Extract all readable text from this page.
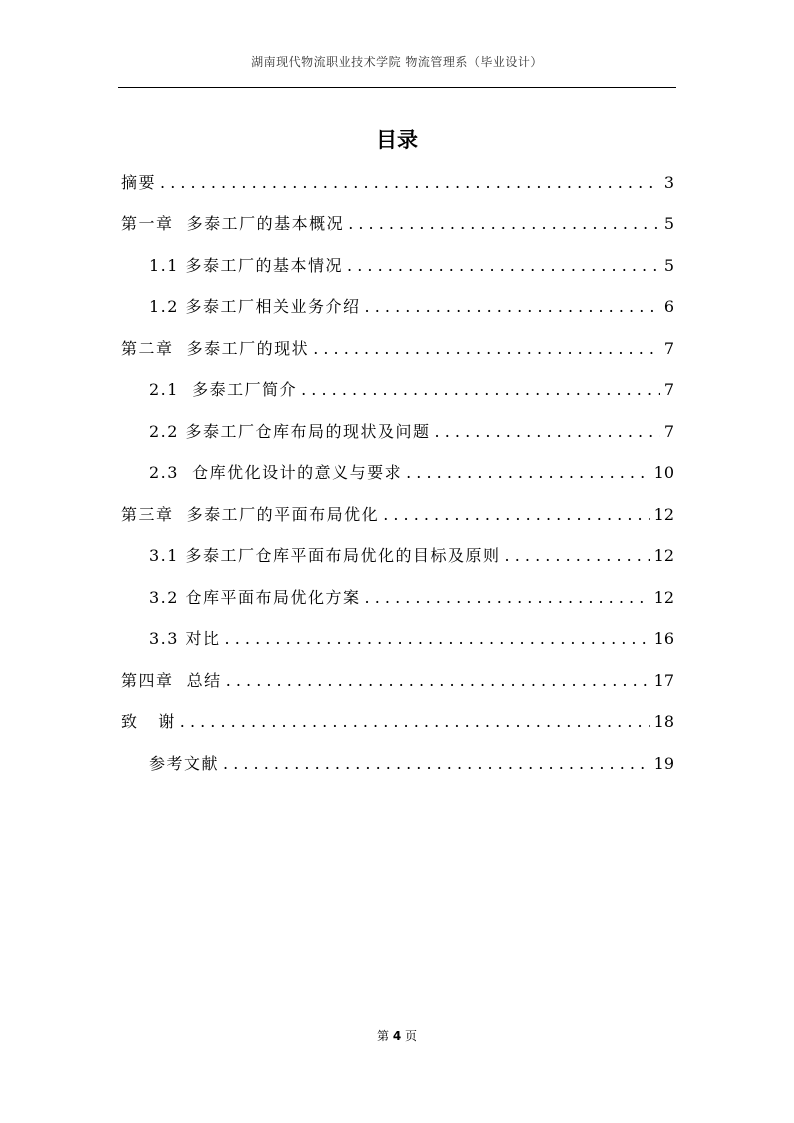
湖南现代物流职业技术学院 物流管理系（毕业设计）
目录
摘要 . . .	3
第一章  多泰工厂的基本概况 . . .	5
1.1 多泰工厂的基本情况 . . .	5
1.2 多泰工厂相关业务介绍 . . .	6
第二章  多泰工厂的现状 . . .	7
2.1  多泰工厂简介 . . .	7
2.2 多泰工厂仓库布局的现状及问题 . . .	7
2.3  仓库优化设计的意义与要求 . . .	10
第三章  多泰工厂的平面布局优化 . . .	12
3.1 多泰工厂仓库平面布局优化的目标及原则 . . .	12
3.2 仓库平面布局优化方案 . . .	12
3.3 对比 . . .	16
第四章  总结 . . .	17
致   谢 . . .	18
参考文献 . . .	19
第 4 页
